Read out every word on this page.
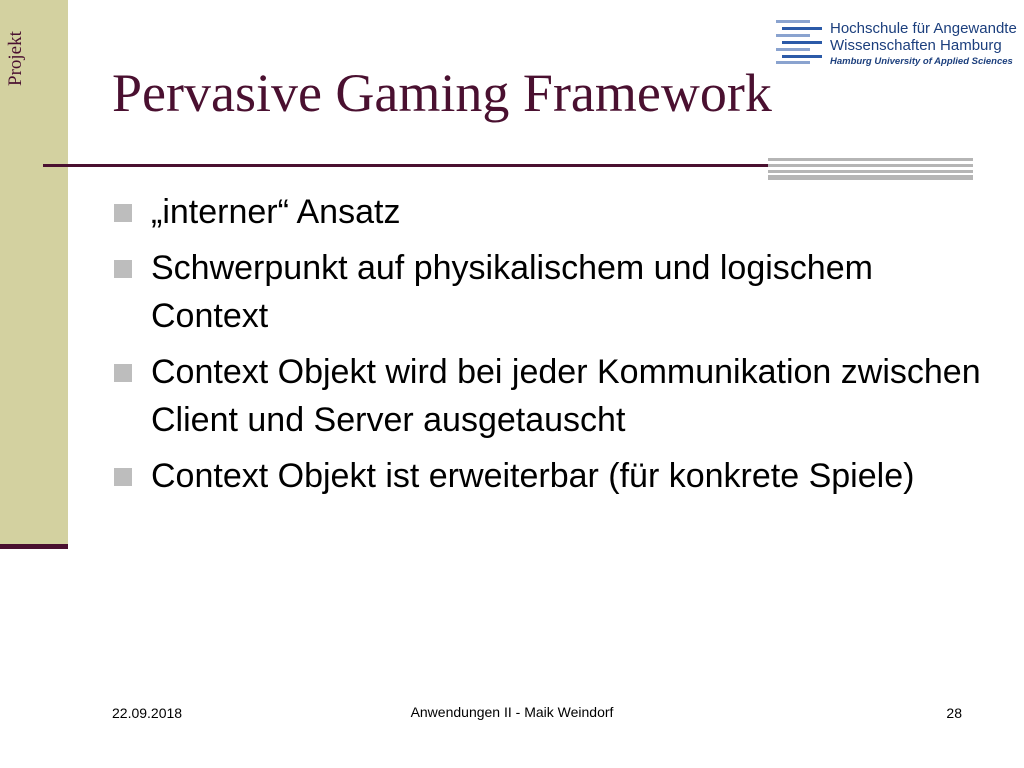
Projekt
Hochschule für Angewandte
Wissenschaften Hamburg
Hamburg University of Applied Sciences
Pervasive Gaming Framework
„interner“ Ansatz
Schwerpunkt auf physikalischem und logischem Context
Context Objekt wird bei jeder Kommunikation zwischen Client und Server ausgetauscht
Context Objekt ist erweiterbar (für konkrete Spiele)
22.09.2018	Anwendungen II - Maik Weindorf	28
